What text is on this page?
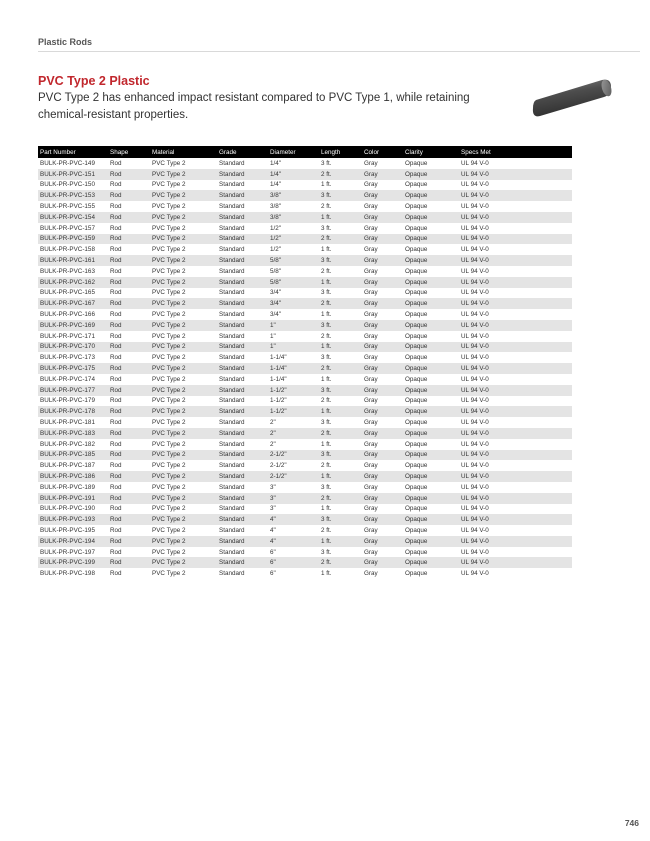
Plastic Rods
PVC Type 2 Plastic
PVC Type 2 has enhanced impact resistant compared to PVC Type 1, while retaining chemical-resistant properties.
Part Number	Shape	Material	Grade	Diameter	Length	Color	Clarity	Specs Met
BULK-PR-PVC-149	Rod	PVC Type 2	Standard	1/4"	3 ft.	Gray	Opaque	UL 94 V-0
BULK-PR-PVC-151	Rod	PVC Type 2	Standard	1/4"	2 ft.	Gray	Opaque	UL 94 V-0
BULK-PR-PVC-150	Rod	PVC Type 2	Standard	1/4"	1 ft.	Gray	Opaque	UL 94 V-0
BULK-PR-PVC-153	Rod	PVC Type 2	Standard	3/8"	3 ft.	Gray	Opaque	UL 94 V-0
BULK-PR-PVC-155	Rod	PVC Type 2	Standard	3/8"	2 ft.	Gray	Opaque	UL 94 V-0
BULK-PR-PVC-154	Rod	PVC Type 2	Standard	3/8"	1 ft.	Gray	Opaque	UL 94 V-0
BULK-PR-PVC-157	Rod	PVC Type 2	Standard	1/2"	3 ft.	Gray	Opaque	UL 94 V-0
BULK-PR-PVC-159	Rod	PVC Type 2	Standard	1/2"	2 ft.	Gray	Opaque	UL 94 V-0
BULK-PR-PVC-158	Rod	PVC Type 2	Standard	1/2"	1 ft.	Gray	Opaque	UL 94 V-0
BULK-PR-PVC-161	Rod	PVC Type 2	Standard	5/8"	3 ft.	Gray	Opaque	UL 94 V-0
BULK-PR-PVC-163	Rod	PVC Type 2	Standard	5/8"	2 ft.	Gray	Opaque	UL 94 V-0
BULK-PR-PVC-162	Rod	PVC Type 2	Standard	5/8"	1 ft.	Gray	Opaque	UL 94 V-0
BULK-PR-PVC-165	Rod	PVC Type 2	Standard	3/4"	3 ft.	Gray	Opaque	UL 94 V-0
BULK-PR-PVC-167	Rod	PVC Type 2	Standard	3/4"	2 ft.	Gray	Opaque	UL 94 V-0
BULK-PR-PVC-166	Rod	PVC Type 2	Standard	3/4"	1 ft.	Gray	Opaque	UL 94 V-0
BULK-PR-PVC-169	Rod	PVC Type 2	Standard	1"	3 ft.	Gray	Opaque	UL 94 V-0
BULK-PR-PVC-171	Rod	PVC Type 2	Standard	1"	2 ft.	Gray	Opaque	UL 94 V-0
BULK-PR-PVC-170	Rod	PVC Type 2	Standard	1"	1 ft.	Gray	Opaque	UL 94 V-0
BULK-PR-PVC-173	Rod	PVC Type 2	Standard	1-1/4"	3 ft.	Gray	Opaque	UL 94 V-0
BULK-PR-PVC-175	Rod	PVC Type 2	Standard	1-1/4"	2 ft.	Gray	Opaque	UL 94 V-0
BULK-PR-PVC-174	Rod	PVC Type 2	Standard	1-1/4"	1 ft.	Gray	Opaque	UL 94 V-0
BULK-PR-PVC-177	Rod	PVC Type 2	Standard	1-1/2"	3 ft.	Gray	Opaque	UL 94 V-0
BULK-PR-PVC-179	Rod	PVC Type 2	Standard	1-1/2"	2 ft.	Gray	Opaque	UL 94 V-0
BULK-PR-PVC-178	Rod	PVC Type 2	Standard	1-1/2"	1 ft.	Gray	Opaque	UL 94 V-0
BULK-PR-PVC-181	Rod	PVC Type 2	Standard	2"	3 ft.	Gray	Opaque	UL 94 V-0
BULK-PR-PVC-183	Rod	PVC Type 2	Standard	2"	2 ft.	Gray	Opaque	UL 94 V-0
BULK-PR-PVC-182	Rod	PVC Type 2	Standard	2"	1 ft.	Gray	Opaque	UL 94 V-0
BULK-PR-PVC-185	Rod	PVC Type 2	Standard	2-1/2"	3 ft.	Gray	Opaque	UL 94 V-0
BULK-PR-PVC-187	Rod	PVC Type 2	Standard	2-1/2"	2 ft.	Gray	Opaque	UL 94 V-0
BULK-PR-PVC-186	Rod	PVC Type 2	Standard	2-1/2"	1 ft.	Gray	Opaque	UL 94 V-0
BULK-PR-PVC-189	Rod	PVC Type 2	Standard	3"	3 ft.	Gray	Opaque	UL 94 V-0
BULK-PR-PVC-191	Rod	PVC Type 2	Standard	3"	2 ft.	Gray	Opaque	UL 94 V-0
BULK-PR-PVC-190	Rod	PVC Type 2	Standard	3"	1 ft.	Gray	Opaque	UL 94 V-0
BULK-PR-PVC-193	Rod	PVC Type 2	Standard	4"	3 ft.	Gray	Opaque	UL 94 V-0
BULK-PR-PVC-195	Rod	PVC Type 2	Standard	4"	2 ft.	Gray	Opaque	UL 94 V-0
BULK-PR-PVC-194	Rod	PVC Type 2	Standard	4"	1 ft.	Gray	Opaque	UL 94 V-0
BULK-PR-PVC-197	Rod	PVC Type 2	Standard	6"	3 ft.	Gray	Opaque	UL 94 V-0
BULK-PR-PVC-199	Rod	PVC Type 2	Standard	6"	2 ft.	Gray	Opaque	UL 94 V-0
BULK-PR-PVC-198	Rod	PVC Type 2	Standard	6"	1 ft.	Gray	Opaque	UL 94 V-0
746
